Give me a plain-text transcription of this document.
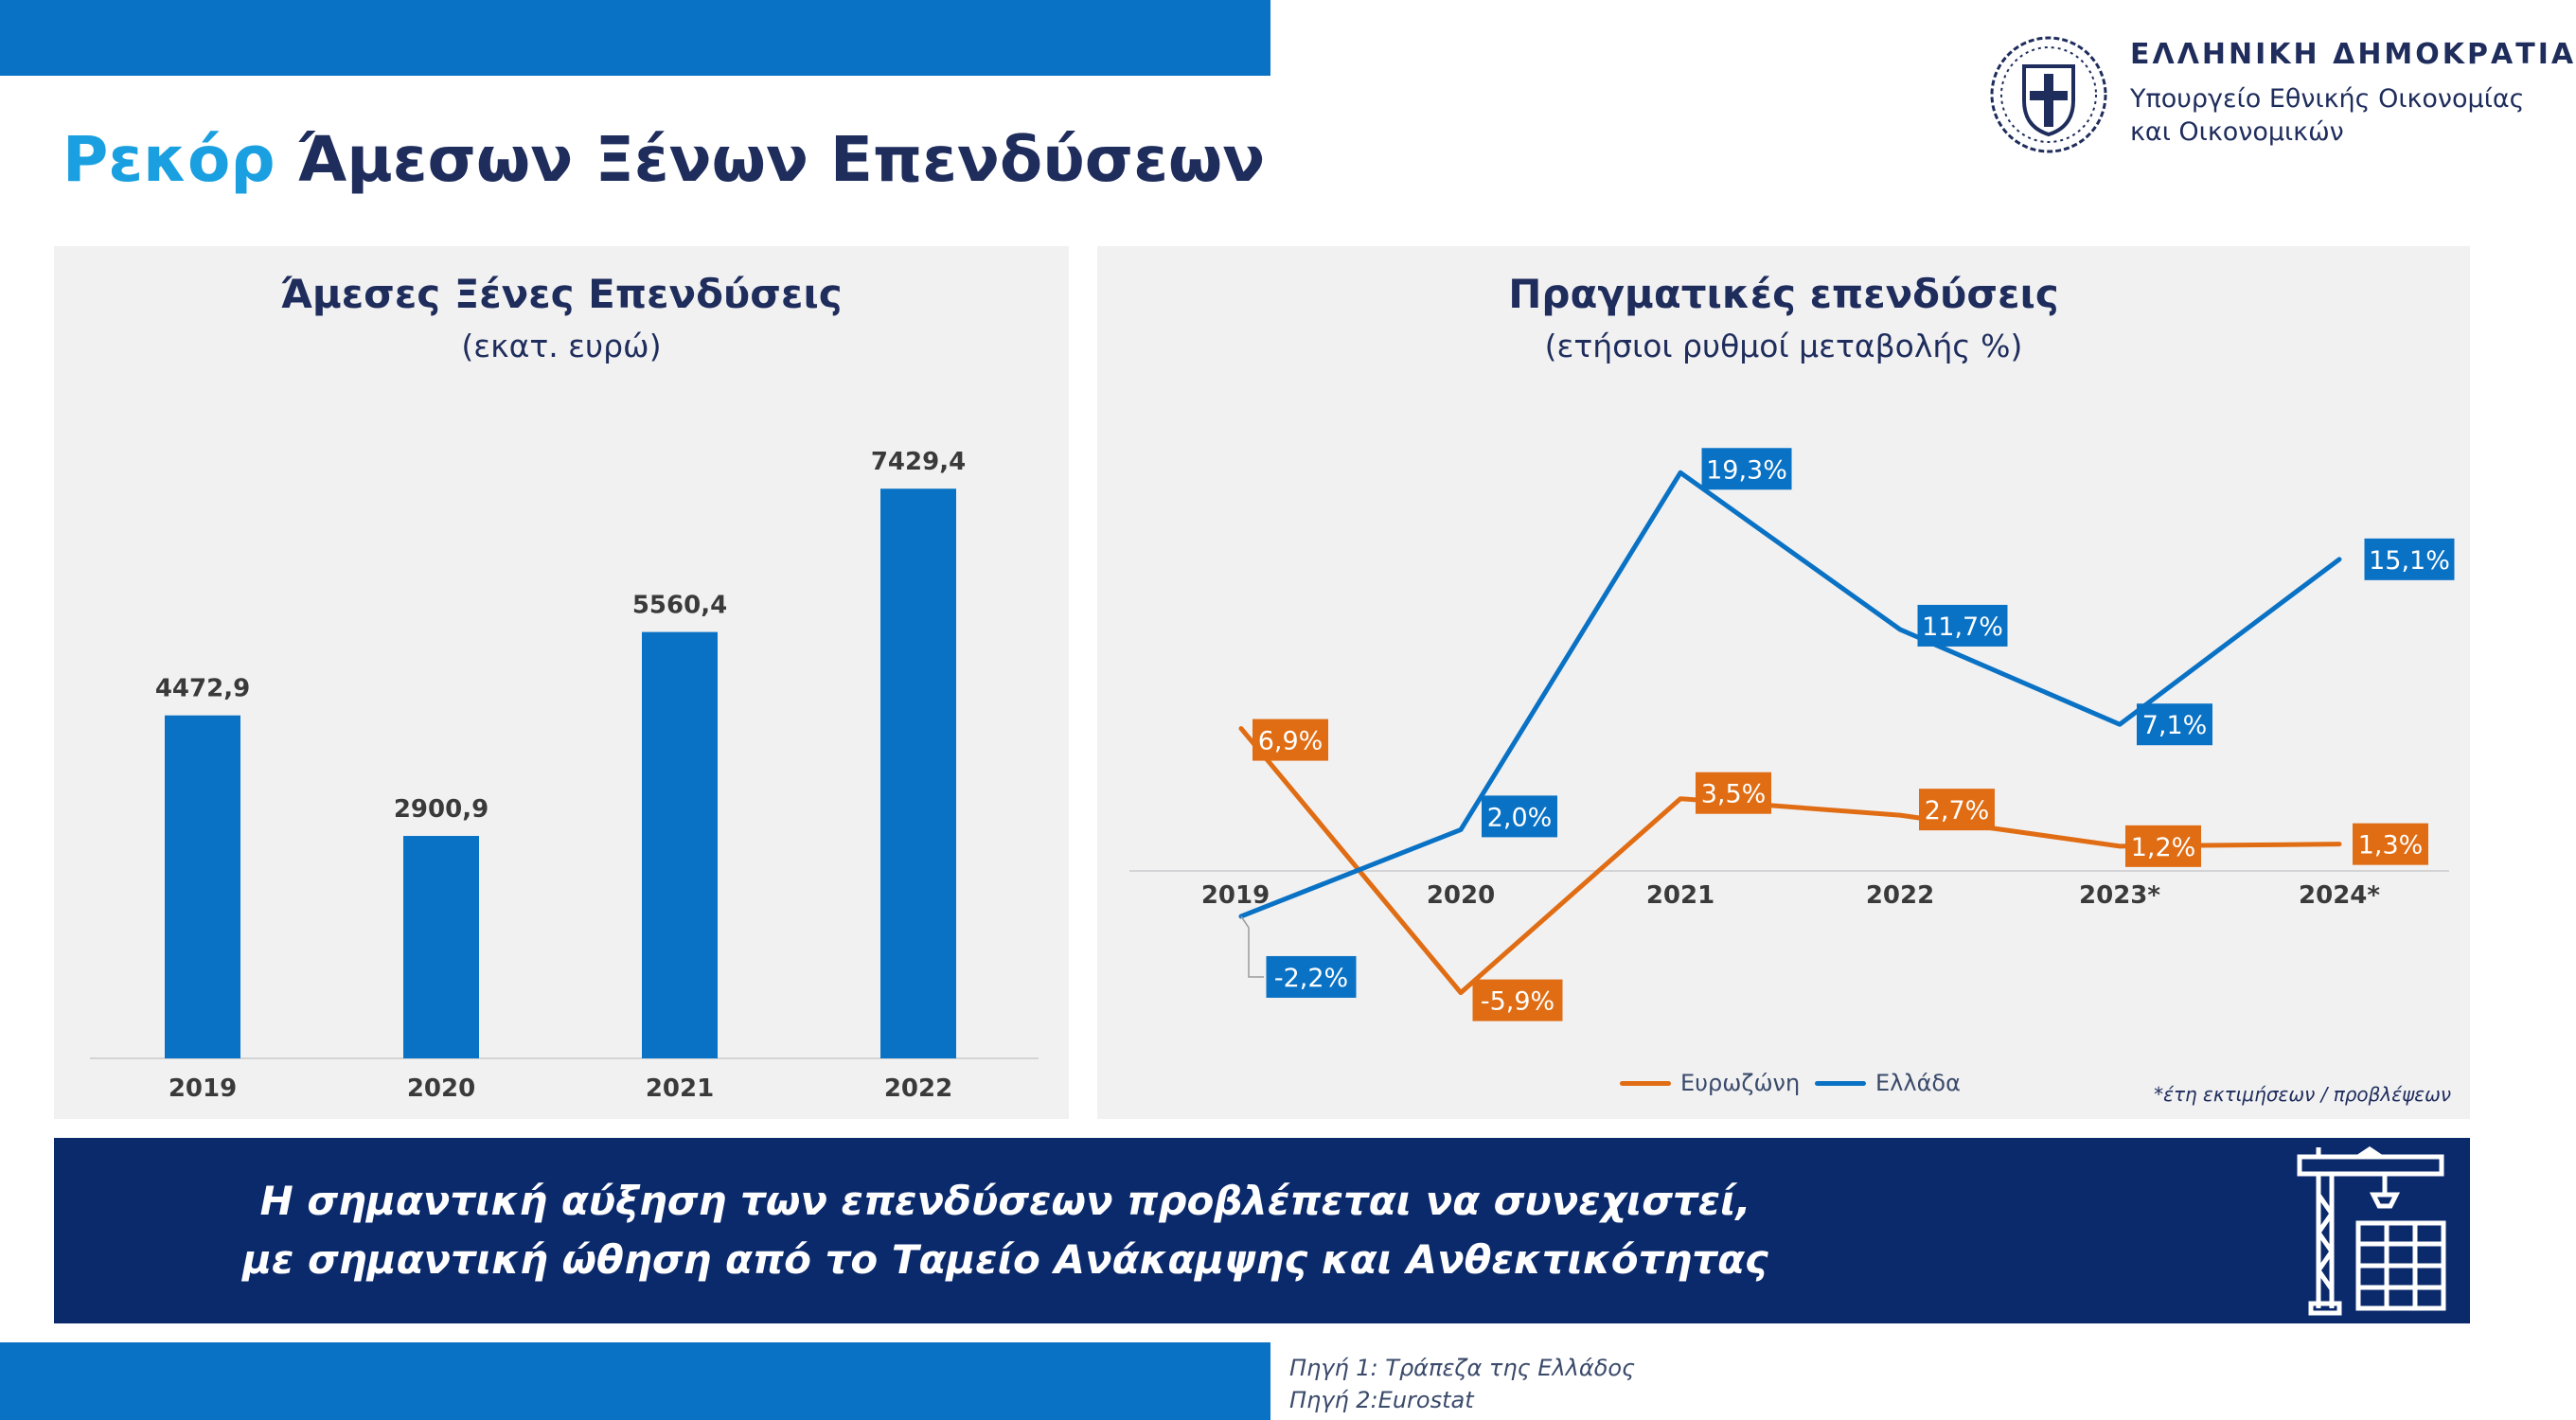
Ρεκόρ Άμεσων Ξένων Επενδύσεων
ΕΛΛΗΝΙΚΗ ΔΗΜΟΚΡΑΤΙΑ
Υπουργείο Εθνικής Οικονομίας
και Οικονομικών
Άμεσες Ξένες Επενδύσεις
(εκατ. ευρώ)
4472,9
2019
2900,9
2020
5560,4
2021
7429,4
2022
Πραγματικές επενδύσεις
(ετήσιοι ρυθμοί μεταβολής %)
2019	2020	2021	2022	2023*	2024*
6,9%
-5,9%
3,5%
2,7%
1,2%	1,3%
-2,2%
2,0%
19,3%
11,7%
7,1%
15,1%
Ευρωζώνη	Ελλάδα	*έτη εκτιμήσεων / προβλέψεων
Η σημαντική αύξηση των επενδύσεων προβλέπεται να συνεχιστεί,
με σημαντική ώθηση από το Ταμείο Ανάκαμψης και Ανθεκτικότητας
Πηγή 1: Τράπεζα της Ελλάδος
Πηγή 2:Eurostat
